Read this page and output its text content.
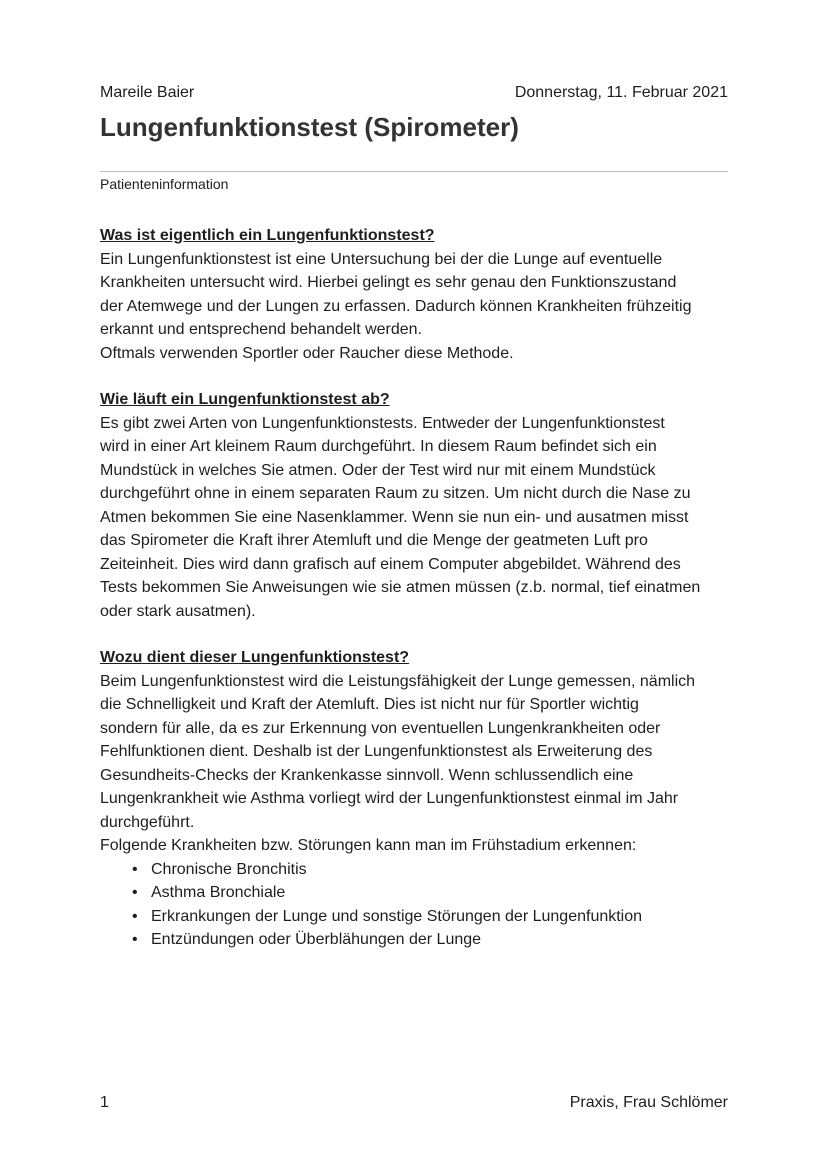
Mareile Baier	Donnerstag, 11. Februar 2021
Lungenfunktionstest (Spirometer)
Patienteninformation
Was ist eigentlich ein Lungenfunktionstest?
Ein Lungenfunktionstest ist eine Untersuchung bei der die Lunge auf eventuelle
Krankheiten untersucht wird. Hierbei gelingt es sehr genau den Funktionszustand
der Atemwege und der Lungen zu erfassen. Dadurch können Krankheiten frühzeitig
erkannt und entsprechend behandelt werden.
Oftmals verwenden Sportler oder Raucher diese Methode.
Wie läuft ein Lungenfunktionstest ab?
Es gibt zwei Arten von Lungenfunktionstests. Entweder der Lungenfunktionstest
wird in einer Art kleinem Raum durchgeführt. In diesem Raum befindet sich ein
Mundstück in welches Sie atmen. Oder der Test wird nur mit einem Mundstück
durchgeführt ohne in einem separaten Raum zu sitzen. Um nicht durch die Nase zu
Atmen bekommen Sie eine Nasenklammer. Wenn sie nun ein- und ausatmen misst
das Spirometer die Kraft ihrer Atemluft und die Menge der geatmeten Luft pro
Zeiteinheit. Dies wird dann grafisch auf einem Computer abgebildet. Während des
Tests bekommen Sie Anweisungen wie sie atmen müssen (z.b. normal, tief einatmen
oder stark ausatmen).
Wozu dient dieser Lungenfunktionstest?
Beim Lungenfunktionstest wird die Leistungsfähigkeit der Lunge gemessen, nämlich
die Schnelligkeit und Kraft der Atemluft. Dies ist nicht nur für Sportler wichtig
sondern für alle, da es zur Erkennung von eventuellen Lungenkrankheiten oder
Fehlfunktionen dient. Deshalb ist der Lungenfunktionstest als Erweiterung des
Gesundheits-Checks der Krankenkasse sinnvoll. Wenn schlussendlich eine
Lungenkrankheit wie Asthma vorliegt wird der Lungenfunktionstest einmal im Jahr
durchgeführt.
Folgende Krankheiten bzw. Störungen kann man im Frühstadium erkennen:
• Chronische Bronchitis
• Asthma Bronchiale
• Erkrankungen der Lunge und sonstige Störungen der Lungenfunktion
• Entzündungen oder Überblähungen der Lunge
1	Praxis, Frau Schlömer
